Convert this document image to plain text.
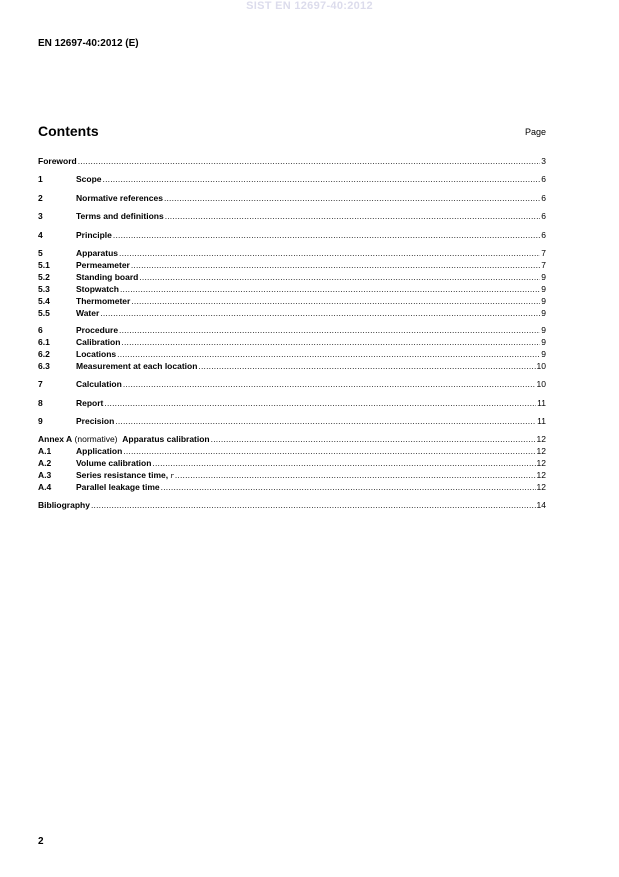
SIST EN 12697-40:2012
EN 12697-40:2012 (E)
Contents	Page
Foreword .....	3
1	Scope .....	6
2	Normative references .....	6
3	Terms and definitions .....	6
4	Principle .....	6
5	Apparatus .....	7
5.1	Permeameter .....	7
5.2	Standing board .....	9
5.3	Stopwatch .....	9
5.4	Thermometer .....	9
5.5	Water .....	9
6	Procedure .....	9
6.1	Calibration .....	9
6.2	Locations .....	9
6.3	Measurement at each location .....	10
7	Calculation .....	10
8	Report .....	11
9	Precision .....	11
Annex A (normative) Apparatus calibration .....	12
A.1	Application .....	12
A.2	Volume calibration .....	12
A.3	Series resistance time, r .....	12
A.4	Parallel leakage time .....	12
Bibliography .....	14
2
